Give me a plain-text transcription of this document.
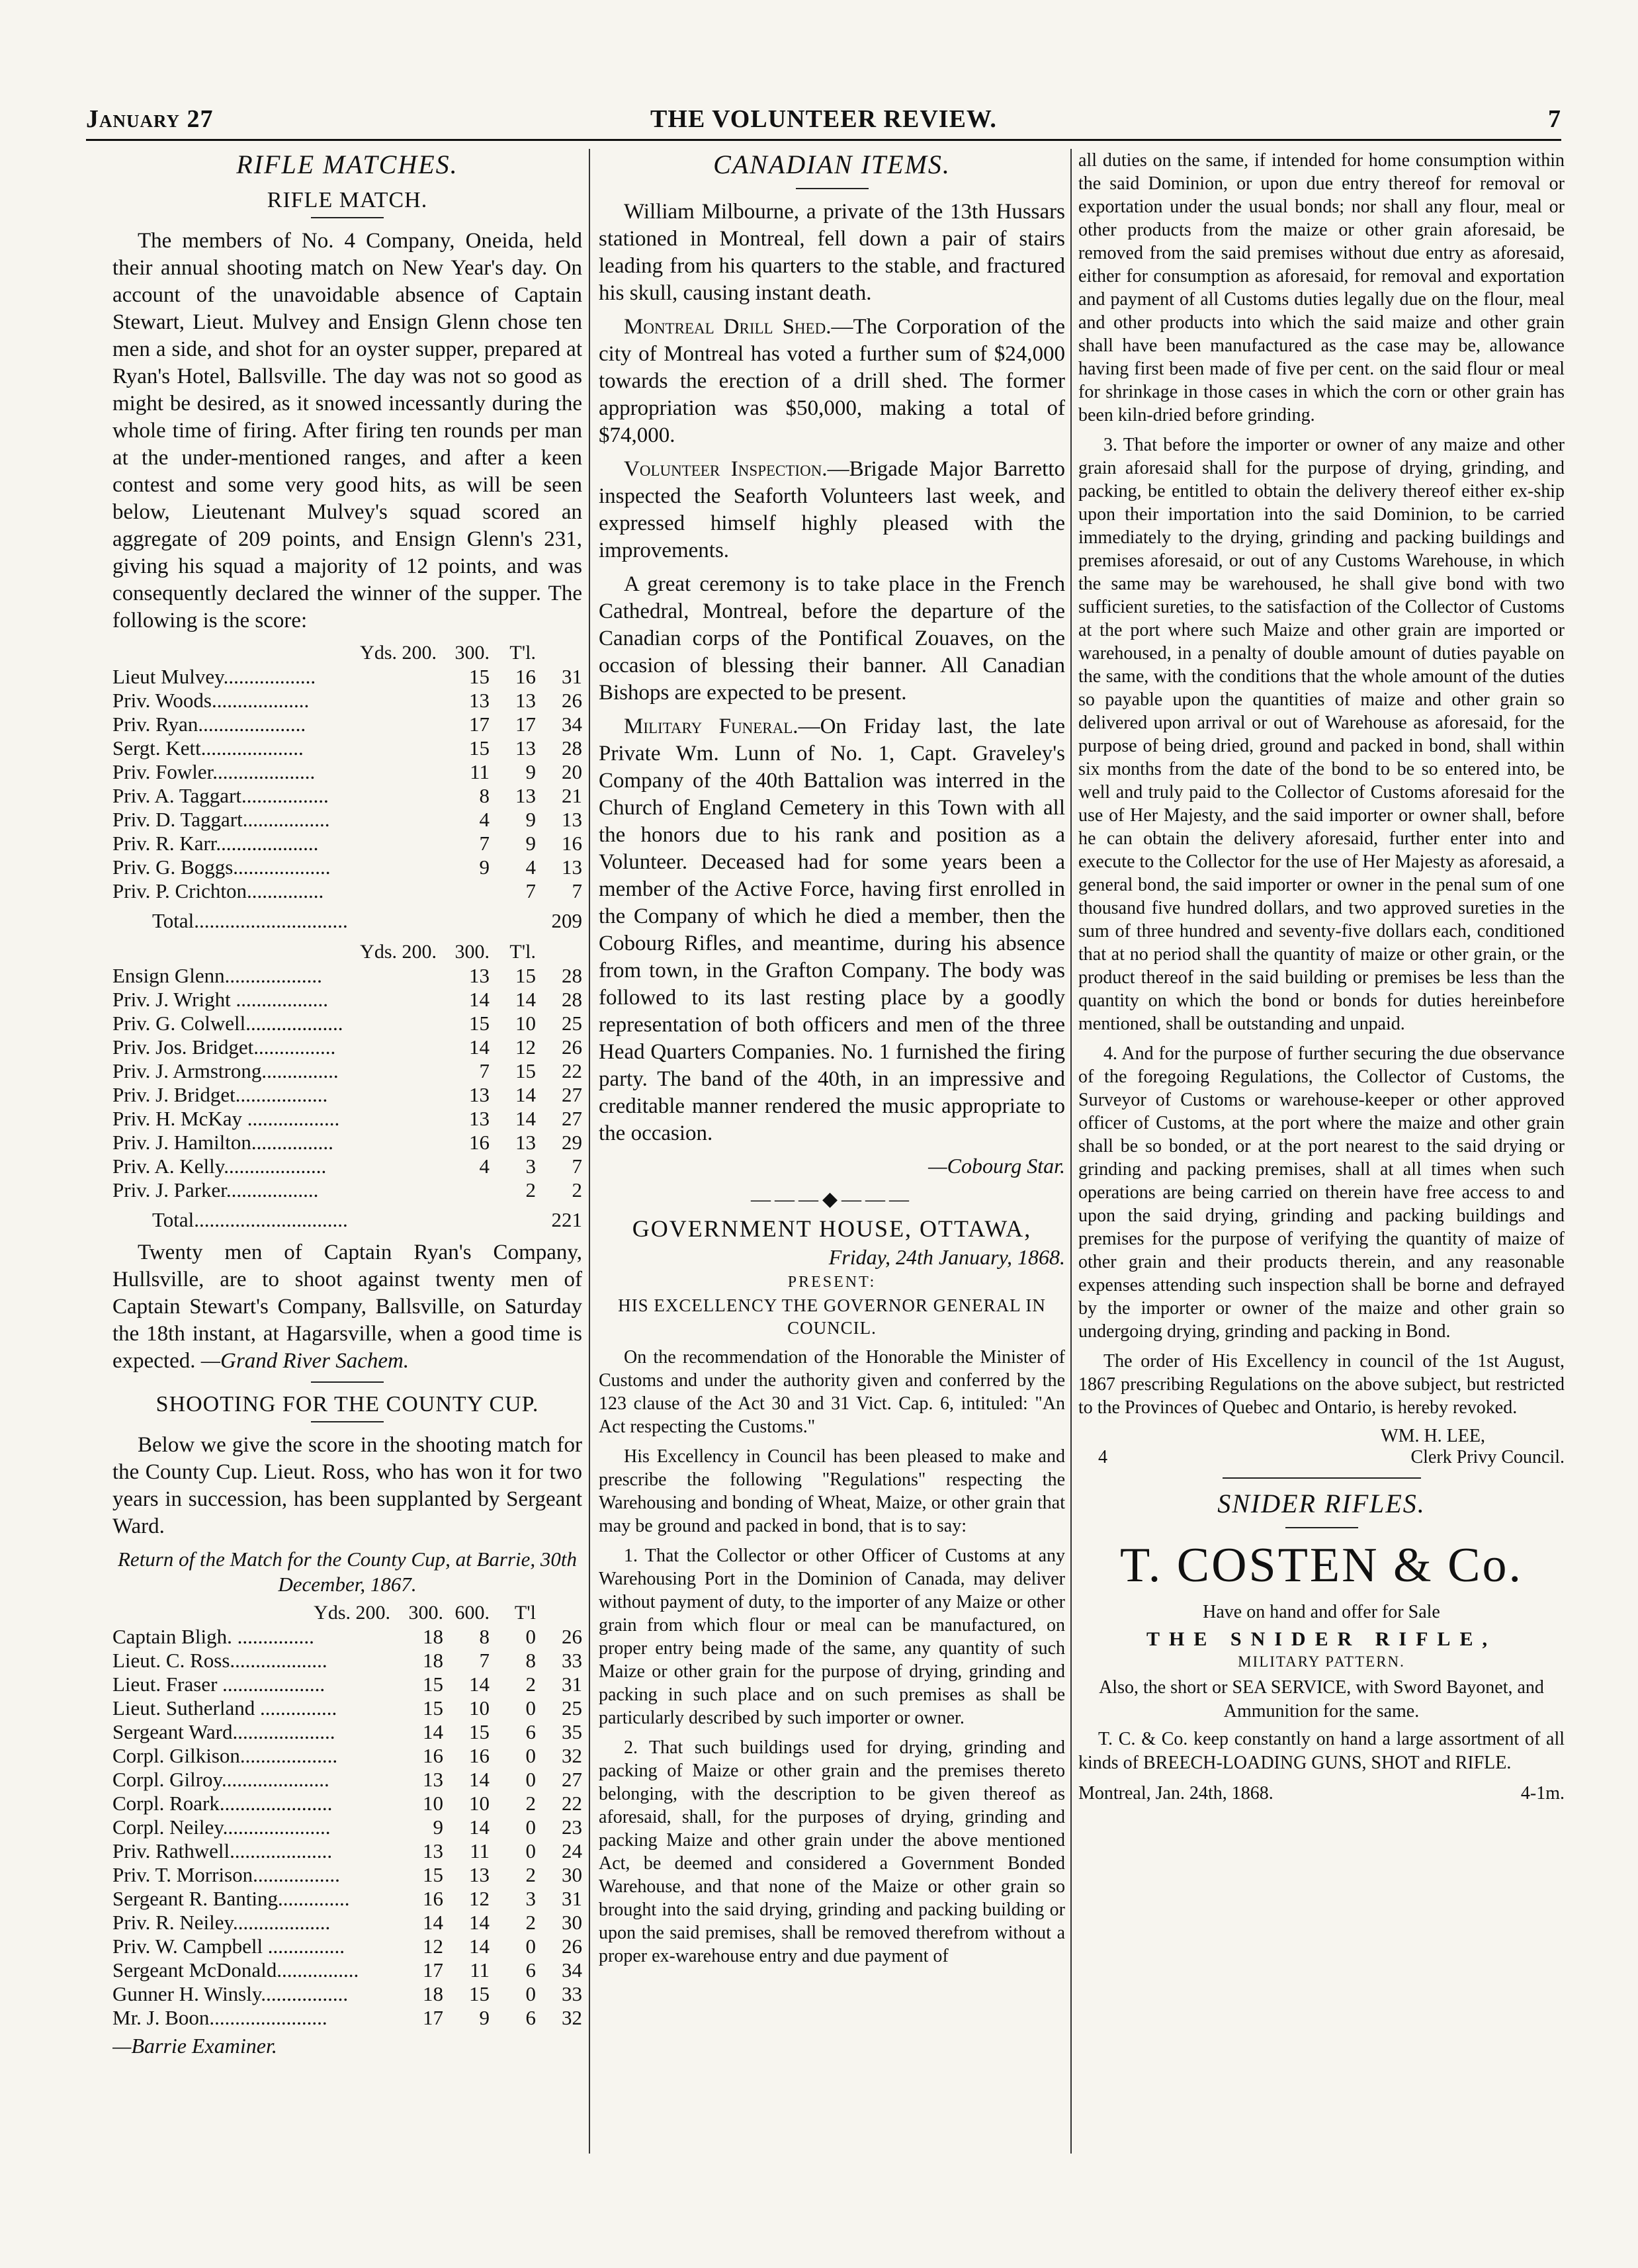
January 27	THE VOLUNTEER REVIEW.	7
RIFLE MATCHES.
RIFLE MATCH.

The members of No. 4 Company, Oneida, held their annual shooting match on New Year's day. On account of the unavoidable absence of Captain Stewart, Lieut. Mulvey and Ensign Glenn chose ten men a side, and shot for an oyster supper, prepared at Ryan's Hotel, Ballsville. The day was not so good as might be desired, as it snowed incessantly during the whole time of firing. After firing ten rounds per man at the under-mentioned ranges, and after a keen contest and some very good hits, as will be seen below, Lieutenant Mulvey's squad scored an aggregate of 209 points, and Ensign Glenn's 231, giving his squad a majority of 12 points, and was consequently declared the winner of the supper. The following is the score:

Yds. 200.	300.	T'l.	
Lieut Mulvey..................	15	16	31
Priv. Woods...................	13	13	26
Priv. Ryan.....................	17	17	34
Sergt. Kett....................	15	13	28
Priv. Fowler....................	11	9	20
Priv. A. Taggart.................	8	13	21
Priv. D. Taggart.................	4	9	13
Priv. R. Karr....................	7	9	16
Priv. G. Boggs...................	9	4	13
Priv. P. Crichton...............		7	7
Total..............................	209
Yds. 200.	300.	T'l.	
Ensign Glenn...................	13	15	28
Priv. J. Wright ..................	14	14	28
Priv. G. Colwell...................	15	10	25
Priv. Jos. Bridget................	14	12	26
Priv. J. Armstrong...............	7	15	22
Priv. J. Bridget..................	13	14	27
Priv. H. McKay ..................	13	14	27
Priv. J. Hamilton................	16	13	29
Priv. A. Kelly....................	4	3	7
Priv. J. Parker..................		2	2
Total..............................	221

Twenty men of Captain Ryan's Company, Hullsville, are to shoot against twenty men of Captain Stewart's Company, Ballsville, on Saturday the 18th instant, at Hagarsville, when a good time is expected. —Grand River Sachem.

SHOOTING FOR THE COUNTY CUP.

Below we give the score in the shooting match for the County Cup. Lieut. Ross, who has won it for two years in succession, has been supplanted by Sergeant Ward.

Return of the Match for the County Cup, at Barrie, 30th December, 1867.
Yds. 200.	300.	600.	T'l	
Captain Bligh. ...............	18	8	0	26
Lieut. C. Ross...................	18	7	8	33
Lieut. Fraser ....................	15	14	2	31
Lieut. Sutherland ...............	15	10	0	25
Sergeant Ward....................	14	15	6	35
Corpl. Gilkison...................	16	16	0	32
Corpl. Gilroy.....................	13	14	0	27
Corpl. Roark......................	10	10	2	22
Corpl. Neiley.....................	9	14	0	23
Priv. Rathwell....................	13	11	0	24
Priv. T. Morrison.................	15	13	2	30
Sergeant R. Banting..............	16	12	3	31
Priv. R. Neiley...................	14	14	2	30
Priv. W. Campbell ...............	12	14	0	26
Sergeant McDonald................	17	11	6	34
Gunner H. Winsly.................	18	15	0	33
Mr. J. Boon.......................	17	9	6	32
—Barrie Examiner.
CANADIAN ITEMS.

William Milbourne, a private of the 13th Hussars stationed in Montreal, fell down a pair of stairs leading from his quarters to the stable, and fractured his skull, causing instant death.

Montreal Drill Shed.—The Corporation of the city of Montreal has voted a further sum of $24,000 towards the erection of a drill shed. The former appropriation was $50,000, making a total of $74,000.

Volunteer Inspection.—Brigade Major Barretto inspected the Seaforth Volunteers last week, and expressed himself highly pleased with the improvements.

A great ceremony is to take place in the French Cathedral, Montreal, before the departure of the Canadian corps of the Pontifical Zouaves, on the occasion of blessing their banner. All Canadian Bishops are expected to be present.

Military Funeral.—On Friday last, the late Private Wm. Lunn of No. 1, Capt. Graveley's Company of the 40th Battalion was interred in the Church of England Cemetery in this Town with all the honors due to his rank and position as a Volunteer. Deceased had for some years been a member of the Active Force, having first enrolled in the Company of which he died a member, then the Cobourg Rifles, and meantime, during his absence from town, in the Grafton Company. The body was followed to its last resting place by a goodly representation of both officers and men of the three Head Quarters Companies. No. 1 furnished the firing party. The band of the 40th, in an impressive and creditable manner rendered the music appropriate to the occasion.

—Cobourg Star.
———◆———
GOVERNMENT HOUSE, OTTAWA,
Friday, 24th January, 1868.
PRESENT:
HIS EXCELLENCY THE GOVERNOR GENERAL IN COUNCIL.

On the recommendation of the Honorable the Minister of Customs and under the authority given and conferred by the 123 clause of the Act 30 and 31 Vict. Cap. 6, intituled: "An Act respecting the Customs."

His Excellency in Council has been pleased to make and prescribe the following "Regulations" respecting the Warehousing and bonding of Wheat, Maize, or other grain that may be ground and packed in bond, that is to say:

1. That the Collector or other Officer of Customs at any Warehousing Port in the Dominion of Canada, may deliver without payment of duty, to the importer of any Maize or other grain from which flour or meal can be manufactured, on proper entry being made of the same, any quantity of such Maize or other grain for the purpose of drying, grinding and packing in such place and on such premises as shall be particularly described by such importer or owner.

2. That such buildings used for drying, grinding and packing of Maize or other grain and the premises thereto belonging, with the description to be given thereof as aforesaid, shall, for the purposes of drying, grinding and packing Maize and other grain under the above mentioned Act, be deemed and considered a Government Bonded Warehouse, and that none of the Maize or other grain so brought into the said drying, grinding and packing building or upon the said premises, shall be removed therefrom without a proper ex-warehouse entry and due payment of

all duties on the same, if intended for home consumption within the said Dominion, or upon due entry thereof for removal or exportation under the usual bonds; nor shall any flour, meal or other products from the maize or other grain aforesaid, be removed from the said premises without due entry as aforesaid, either for consumption as aforesaid, for removal and exportation and payment of all Customs duties legally due on the flour, meal and other products into which the said maize and other grain shall have been manufactured as the case may be, allowance having first been made of five per cent. on the said flour or meal for shrinkage in those cases in which the corn or other grain has been kiln-dried before grinding.

3. That before the importer or owner of any maize and other grain aforesaid shall for the purpose of drying, grinding, and packing, be entitled to obtain the delivery thereof either ex-ship upon their importation into the said Dominion, to be carried immediately to the drying, grinding and packing buildings and premises aforesaid, or out of any Customs Warehouse, in which the same may be warehoused, he shall give bond with two sufficient sureties, to the satisfaction of the Collector of Customs at the port where such Maize and other grain are imported or warehoused, in a penalty of double amount of duties payable on the same, with the conditions that the whole amount of the duties so payable upon the quantities of maize and other grain so delivered upon arrival or out of Warehouse as aforesaid, for the purpose of being dried, ground and packed in bond, shall within six months from the date of the bond to be so entered into, be well and truly paid to the Collector of Customs aforesaid for the use of Her Majesty, and the said importer or owner shall, before he can obtain the delivery aforesaid, further enter into and execute to the Collector for the use of Her Majesty as aforesaid, a general bond, the said importer or owner in the penal sum of one thousand five hundred dollars, and two approved sureties in the sum of three hundred and seventy-five dollars each, conditioned that at no period shall the quantity of maize or other grain, or the product thereof in the said building or premises be less than the quantity on which the bond or bonds for duties hereinbefore mentioned, shall be outstanding and unpaid.

4. And for the purpose of further securing the due observance of the foregoing Regulations, the Collector of Customs, the Surveyor of Customs or warehouse-keeper or other approved officer of Customs, at the port where the maize and other grain shall be so bonded, or at the port nearest to the said drying or grinding and packing premises, shall at all times when such operations are being carried on therein have free access to and upon the said drying, grinding and packing buildings and premises for the purpose of verifying the quantity of maize of other grain and their products therein, and any reasonable expenses attending such inspection shall be borne and defrayed by the importer or owner of the maize and other grain so undergoing drying, grinding and packing in Bond.

The order of His Excellency in council of the 1st August, 1867 prescribing Regulations on the above subject, but restricted to the Provinces of Quebec and Ontario, is hereby revoked.

WM. H. LEE,
4	Clerk Privy Council.
SNIDER RIFLES.
T. COSTEN & Co.
Have on hand and offer for Sale
THE SNIDER RIFLE,
MILITARY PATTERN.
Also, the short or SEA SERVICE, with Sword Bayonet, and Ammunition for the same.
T. C. & Co. keep constantly on hand a large assortment of all kinds of BREECH-LOADING GUNS, SHOT and RIFLE.
Montreal, Jan. 24th, 1868.	4-1m.
